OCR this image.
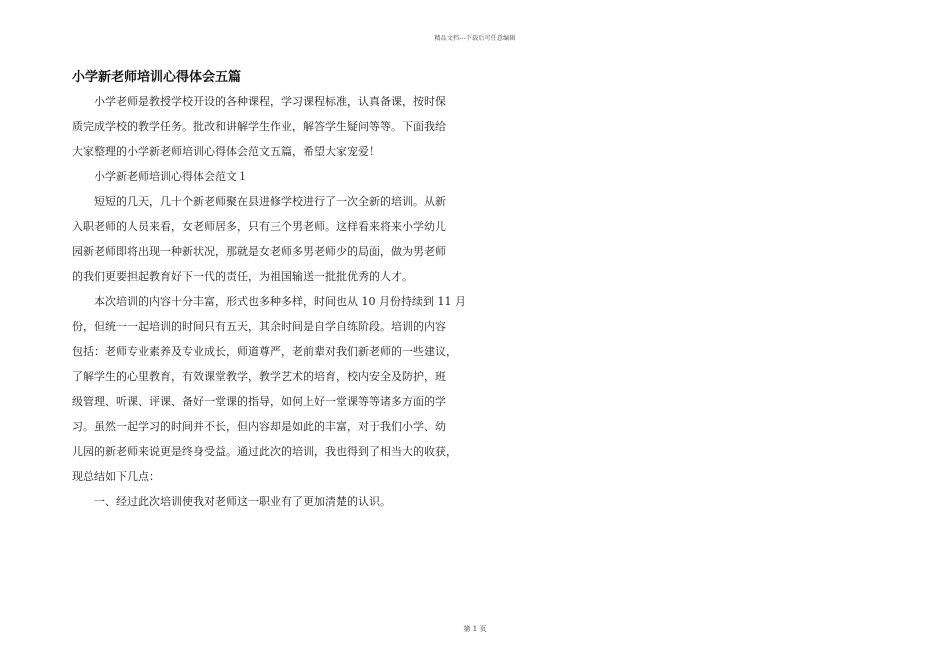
精品文档---下载后可任意编辑
小学新老师培训心得体会五篇
小学老师是教授学校开设的各种课程，学习课程标准，认真备课，按时保
质完成学校的教学任务。批改和讲解学生作业，解答学生疑问等等。下面我给
大家整理的小学新老师培训心得体会范文五篇，希望大家宠爱！
小学新老师培训心得体会范文１
短短的几天，几十个新老师聚在县进修学校进行了一次全新的培训。从新
入职老师的人员来看，女老师居多，只有三个男老师。这样看来将来小学幼儿
园新老师即将出现一种新状况，那就是女老师多男老师少的局面，做为男老师
的我们更要担起教育好下一代的责任，为祖国输送一批批优秀的人才。
本次培训的内容十分丰富，形式也多种多样，时间也从 10 月份持续到 11 月
份，但统一一起培训的时间只有五天，其余时间是自学自练阶段。培训的内容
包括：老师专业素养及专业成长，师道尊严，老前辈对我们新老师的一些建议，
了解学生的心里教育，有效课堂教学，教学艺术的培育，校内安全及防护，班
级管理、听课、评课、备好一堂课的指导，如何上好一堂课等等诸多方面的学
习。虽然一起学习的时间并不长，但内容却是如此的丰富，对于我们小学、幼
儿园的新老师来说更是终身受益。通过此次的培训，我也得到了相当大的收获，
现总结如下几点：
一、经过此次培训使我对老师这一职业有了更加清楚的认识。
第 1 页
